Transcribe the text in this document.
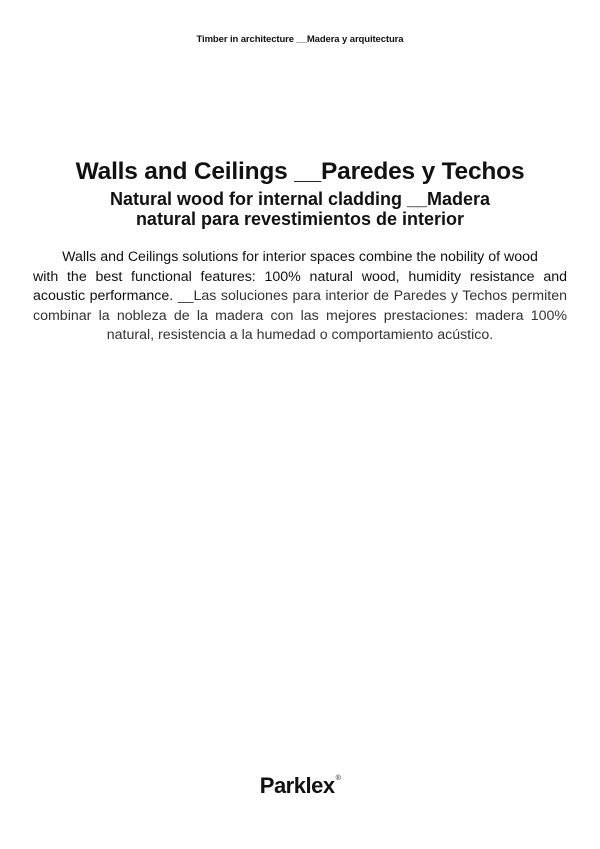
Timber in architecture __Madera y arquitectura
Walls and Ceilings __Paredes y Techos
Natural wood for internal cladding __Madera natural para revestimientos de interior
Walls and Ceilings solutions for interior spaces combine the nobility of wood
with the best functional features: 100% natural wood, humidity resistance and acoustic performance. __Las soluciones para interior de Paredes y Techos permiten combinar la nobleza de la madera con las mejores prestaciones: madera 100% natural, resistencia a la humedad o comportamiento acústico.
Parklex®
